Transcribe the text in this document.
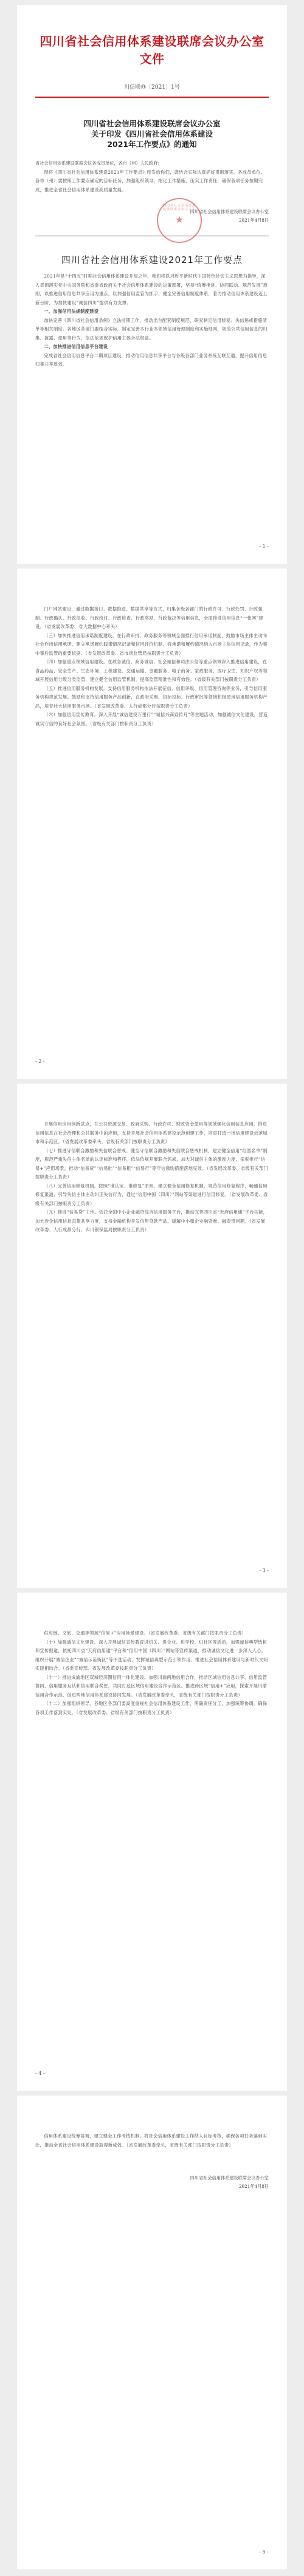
四川省社会信用体系建设联席会议办公室文件
川信联办〔2021〕1号
四川省社会信用体系建设联席会议办公室
关于印发《四川省社会信用体系建设
2021年工作要点》的通知

省社会信用体系建设联席会议各成员单位，各市（州）人民政府：

现将《四川省社会信用体系建设2021年工作要点》印发给你们，请结合实际认真抓好贯彻落实。各成员单位、各市（州）要按照工作要点确定的目标任务，加强组织领导，细化工作措施，压实工作责任，确保各项任务按期完成，推进全省社会信用体系建设高质量发展。

四川省社会信用体系建设联席会议办公室
2021年4月8日
四川省社会信用体系建设联席会议办公室
★
四川省社会信用体系建设2021年工作要点

2021年是“十四五”时期社会信用体系建设开局之年，我们将以习近平新时代中国特色社会主义思想为指导，深入贯彻落实党中央国务院和省委省政府关于社会信用体系建设的决策部署，坚持“统筹推进、协同联动、规范发展”原则，以推进信用信息共享应用为重点，以加强信用监管为抓手，健全完善信用制度体系，着力推动信用体系建设迈上新台阶，为加快建设“诚信四川”提供有力支撑。

一、加强信用法规制度建设

加快完善《四川省社会信用条例》立法前期工作，推动出台配套制度规范，研究制定信用修复、失信惩戒措施清单等相关制度。各地区各部门要结合实际，制定完善本行业本领域信用管理制度和实施细则，规范公共信用信息的归集、披露、使用等行为，依法依规保护信用主体合法权益。

二、加快推进信用信息平台建设

完成省社会信用信息平台二期项目建设，推动信用信息共享平台与各级各部门业务系统互联互通，提升信用信息归集共享质效。

- 1 -

门户网站建设，通过数据接口、数据推送、数据共享等方式，归集各级各部门的行政许可、行政处罚、行政强制、行政确认、行政征收、行政给付、行政检查、行政奖励、行政裁决等信用信息，全面推进信用信息“一张网”建设。（省发展改革委、省大数据中心牵头）

（三）加快推进信用承诺制度建设。在行政审批、政务服务等领域全面推行信用承诺制度，鼓励市场主体主动向社会作出信用承诺，建立承诺履约践诺情况记录和信用评价机制，将承诺和履约情况纳入市场主体信用记录，作为事中事后监管的重要依据。（省发展改革委、省市场监管局按职责分工负责）

（四）加强重点领域信用建设。在政务诚信、商务诚信、社会诚信和司法公信等重点领域深入推进信用建设，在食品药品、安全生产、生态环境、工程建设、交通运输、金融服务、电子商务、家政服务、医疗卫生、知识产权等领域开展信用分级分类监管，建立健全信用监管机制，提高监管精准性和有效性。（省级有关部门按职责分工负责）

（五）推进信用服务机构发展。支持信用服务机构依法开展征信、信用评级、信用管理咨询等业务，引导信用服务机构规范发展。鼓励和支持信用服务产品创新，在政府采购、招标投标、行政审批等领域积极使用信用服务机构产品，培育壮大信用服务市场。（省发展改革委、人行成都分行按职责分工负责）

（六）加强信用宣传教育。深入开展“诚信建设万里行”“诚信兴商宣传月”等主题活动，加强诚信文化建设，营造诚实守信的良好社会氛围。（省级有关部门按职责分工负责）

- 2 -

开展信用应用创新试点，在公共资源交易、政府采购、行政许可、财政资金使用等领域强化信用信息应用，推进信用信息在社会治理和公共服务中的应用，支持开展社会信用体系建设示范创建工作，培育打造一批信用建设示范城市和示范区。（省发展改革委牵头，省级有关部门按职责分工负责）

（七）推进守信联合激励和失信联合惩戒。健全守信联合激励和失信联合惩戒机制，建立健全信用“红黑名单”制度，规范严重失信主体名单的认定标准和程序，依法依规开展联合惩戒，加大对诚信主体的激励力度，探索推行“信易+”应用场景，推动“信易贷”“信易批”“信易租”“信易行”等守信激励措施落地见效。（省发展改革委、省级有关部门按职责分工负责）

（八）完善信用修复机制。按照“谁认定、谁修复”原则，建立健全信用修复机制，规范信用修复程序，畅通信用修复渠道，引导失信主体主动纠正失信行为，通过“信用中国（四川）”网站等渠道进行信用修复。（省发展改革委、省级有关部门按职责分工负责）

（九）推进“信易贷”工作。依托全国中小企业融资综合信用服务平台，推动完善四川省“天府信用通”平台功能，加大涉企信用信息归集共享力度，支持金融机构开发信用贷款产品，缓解中小微企业融资难、融资贵问题。（省发展改革委、人行成都分行、四川银保监局按职责分工负责）

- 3 -

供应链、文旅、交通等领域“信易+”应用场景建设。（省发展改革委、省级有关部门按职责分工负责）

（十）加强诚信文化建设。深入开展诚信宣传教育进机关、进企业、进学校、进社区等活动，加强诚信典型选树和宣传报道，依托四川省“天府信用通”平台和“信用中国（四川）”网站等宣传渠道，推动诚信文化进一步深入人心。组织开展“诚信企业”“诚信示范街区”等评选活动，发挥诚信典型示范引领作用。推进社会信用体系建设与新时代文明实践相结合。（省委宣传部、省发展改革委按职责分工负责）

（十一）推进成渝地区双城经济圈信用一体化建设。加强川渝两地信用合作，推动区域信用信息共享、信用监管协同、信用服务互认和信用联合奖惩，共同打造区域信用建设合作示范区。推进跨区域“信用+”应用，探索开展川渝信用合作示范，促进两地信用体系建设协同发展。（省发展改革委牵头，省级有关部门按职责分工负责）

（十二）加强组织领导。各地区各部门要高度重视社会信用体系建设工作，明确责任分工，加强统筹协调，确保各项工作落到实处。（省发展改革委、省级有关部门按职责分工负责）

- 4 -

信用体系建设统筹协调，建立健全工作考核机制，将社会信用体系建设工作纳入目标考核，确保各项任务落到实处，推动全省社会信用体系建设取得新成效。（省发展改革委牵头，省级有关部门按职责分工负责）

四川省社会信用体系建设联席会议办公室
2021年4月8日
- 5 -
